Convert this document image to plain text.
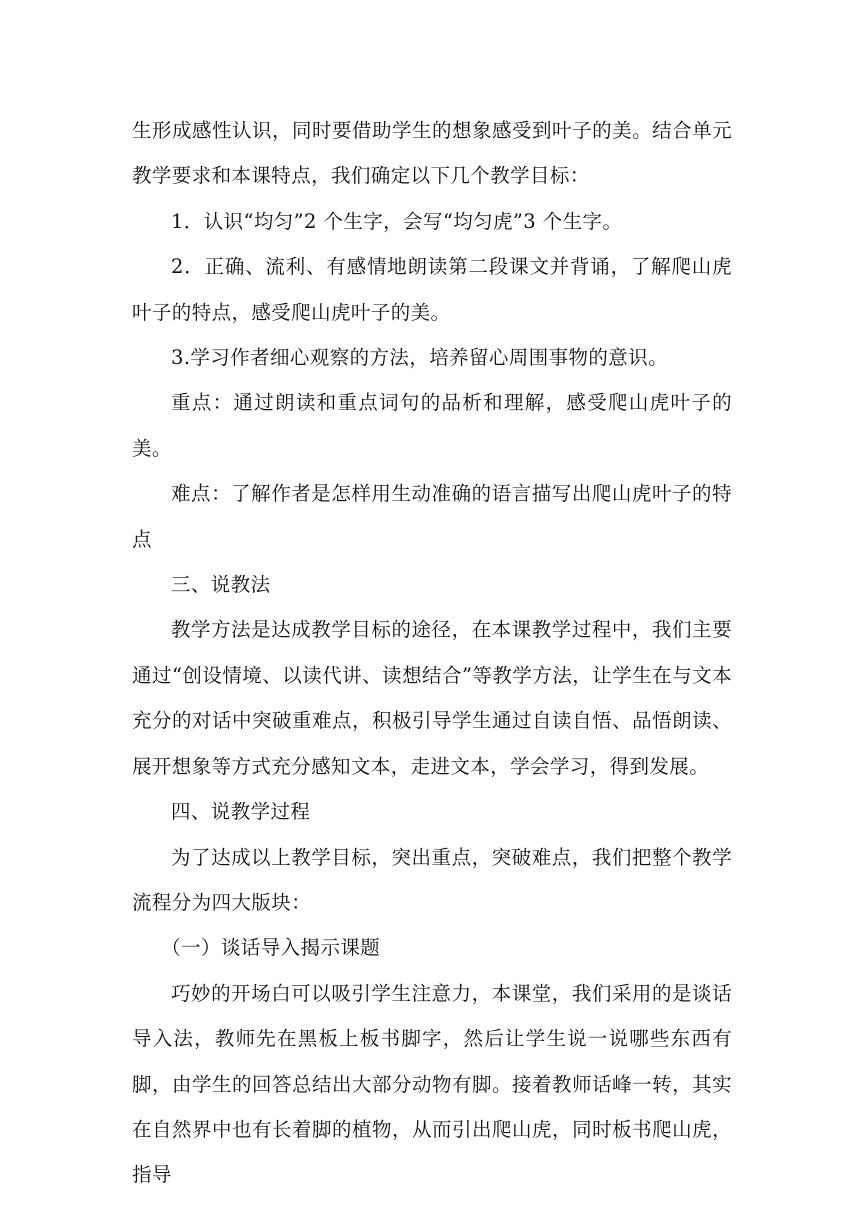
生形成感性认识，同时要借助学生的想象感受到叶子的美。结合单元教学要求和本课特点，我们确定以下几个教学目标：

1．认识“均匀”2 个生字，会写“均匀虎”3 个生字。

2．正确、流利、有感情地朗读第二段课文并背诵，了解爬山虎叶子的特点，感受爬山虎叶子的美。

3.学习作者细心观察的方法，培养留心周围事物的意识。

重点：通过朗读和重点词句的品析和理解，感受爬山虎叶子的美。

难点：了解作者是怎样用生动准确的语言描写出爬山虎叶子的特点

三、说教法

教学方法是达成教学目标的途径，在本课教学过程中，我们主要通过“创设情境、以读代讲、读想结合”等教学方法，让学生在与文本充分的对话中突破重难点，积极引导学生通过自读自悟、品悟朗读、展开想象等方式充分感知文本，走进文本，学会学习，得到发展。

四、说教学过程

为了达成以上教学目标，突出重点，突破难点，我们把整个教学流程分为四大版块：

（一）谈话导入揭示课题

巧妙的开场白可以吸引学生注意力，本课堂，我们采用的是谈话导入法，教师先在黑板上板书脚字，然后让学生说一说哪些东西有脚，由学生的回答总结出大部分动物有脚。接着教师话峰一转，其实在自然界中也有长着脚的植物，从而引出爬山虎，同时板书爬山虎，指导
